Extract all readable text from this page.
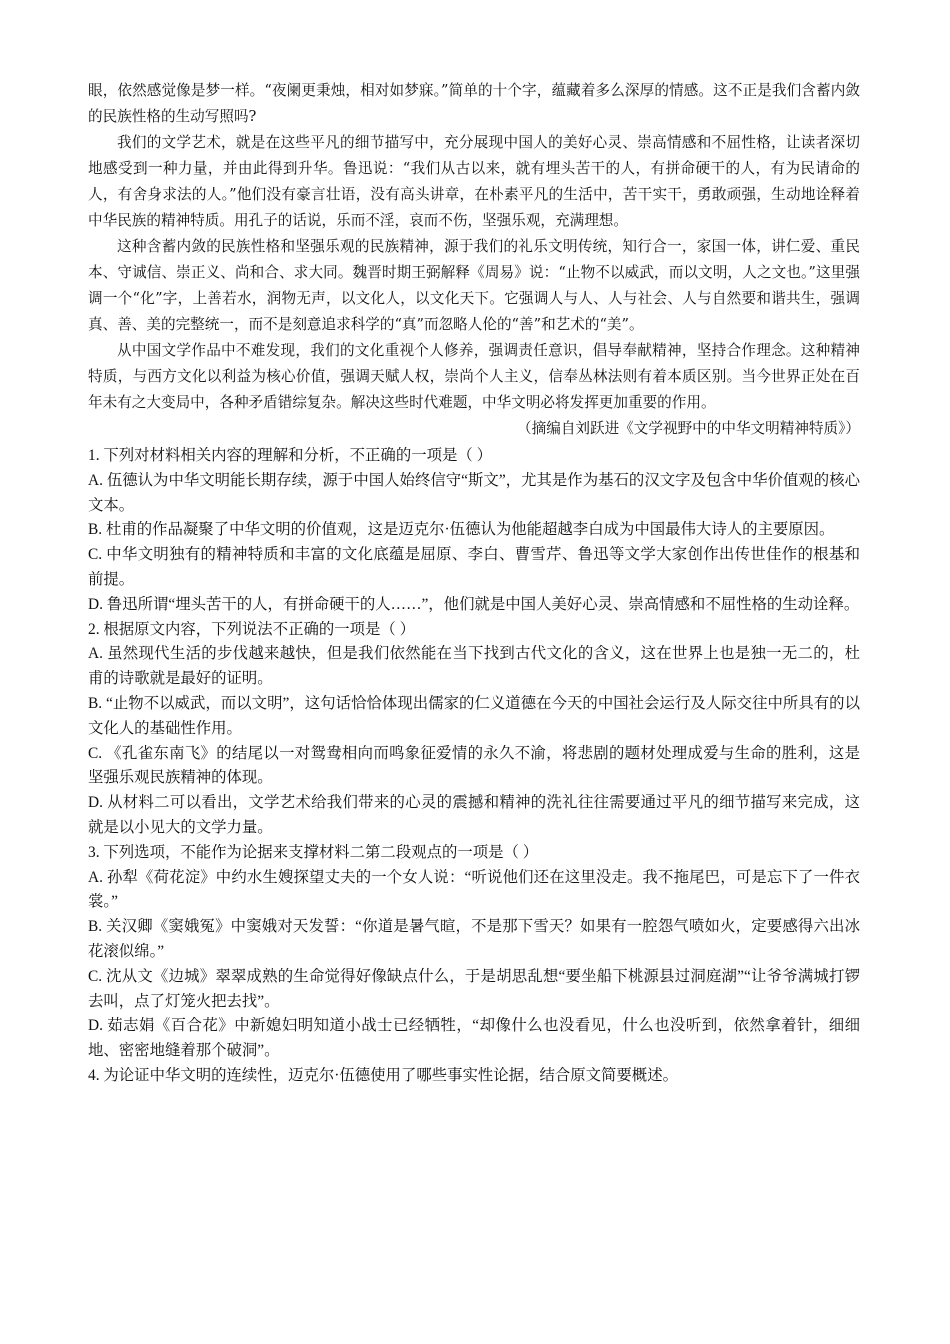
眼，依然感觉像是梦一样。“夜阑更秉烛，相对如梦寐。”简单的十个字，蕴藏着多么深厚的情感。这不正是我们含蓄内敛的民族性格的生动写照吗?

我们的文学艺术，就是在这些平凡的细节描写中，充分展现中国人的美好心灵、崇高情感和不屈性格，让读者深切地感受到一种力量，并由此得到升华。鲁迅说：“我们从古以来，就有埋头苦干的人，有拼命硬干的人，有为民请命的人，有舍身求法的人。”他们没有豪言壮语，没有高头讲章，在朴素平凡的生活中，苦干实干，勇敢顽强，生动地诠释着中华民族的精神特质。用孔子的话说，乐而不淫，哀而不伤，坚强乐观，充满理想。

这种含蓄内敛的民族性格和坚强乐观的民族精神，源于我们的礼乐文明传统，知行合一，家国一体，讲仁爱、重民本、守诚信、崇正义、尚和合、求大同。魏晋时期王弼解释《周易》说：“止物不以威武，而以文明，人之文也。”这里强调一个“化”字，上善若水，润物无声，以文化人，以文化天下。它强调人与人、人与社会、人与自然要和谐共生，强调真、善、美的完整统一，而不是刻意追求科学的“真”而忽略人伦的“善”和艺术的“美”。

从中国文学作品中不难发现，我们的文化重视个人修养，强调责任意识，倡导奉献精神，坚持合作理念。这种精神特质，与西方文化以利益为核心价值，强调天赋人权，崇尚个人主义，信奉丛林法则有着本质区别。当今世界正处在百年未有之大变局中，各种矛盾错综复杂。解决这些时代难题，中华文明必将发挥更加重要的作用。

（摘编自刘跃进《文学视野中的中华文明精神特质》）

1. 下列对材料相关内容的理解和分析，不正确的一项是（ ）

A. 伍德认为中华文明能长期存续，源于中国人始终信守“斯文”，尤其是作为基石的汉文字及包含中华价值观的核心文本。

B. 杜甫的作品凝聚了中华文明的价值观，这是迈克尔·伍德认为他能超越李白成为中国最伟大诗人的主要原因。

C. 中华文明独有的精神特质和丰富的文化底蕴是屈原、李白、曹雪芹、鲁迅等文学大家创作出传世佳作的根基和前提。

D. 鲁迅所谓“埋头苦干的人，有拼命硬干的人……”，他们就是中国人美好心灵、崇高情感和不屈性格的生动诠释。

2. 根据原文内容，下列说法不正确的一项是（ ）

A. 虽然现代生活的步伐越来越快，但是我们依然能在当下找到古代文化的含义，这在世界上也是独一无二的，杜甫的诗歌就是最好的证明。

B. “止物不以威武，而以文明”，这句话恰恰体现出儒家的仁义道德在今天的中国社会运行及人际交往中所具有的以文化人的基础性作用。

C. 《孔雀东南飞》的结尾以一对鸳鸯相向而鸣象征爱情的永久不渝，将悲剧的题材处理成爱与生命的胜利，这是坚强乐观民族精神的体现。

D. 从材料二可以看出，文学艺术给我们带来的心灵的震撼和精神的洗礼往往需要通过平凡的细节描写来完成，这就是以小见大的文学力量。

3. 下列选项，不能作为论据来支撑材料二第二段观点的一项是（ ）

A. 孙犁《荷花淀》中约水生嫂探望丈夫的一个女人说：“听说他们还在这里没走。我不拖尾巴，可是忘下了一件衣裳。”

B. 关汉卿《窦娥冤》中窦娥对天发誓：“你道是暑气暄，不是那下雪天？如果有一腔怨气喷如火，定要感得六出冰花滚似绵。”

C. 沈从文《边城》翠翠成熟的生命觉得好像缺点什么，于是胡思乱想“要坐船下桃源县过洞庭湖”“让爷爷满城打锣去叫，点了灯笼火把去找”。

D. 茹志娟《百合花》中新媳妇明知道小战士已经牺牲，“却像什么也没看见，什么也没听到，依然拿着针，细细地、密密地缝着那个破洞”。

4. 为论证中华文明的连续性，迈克尔·伍德使用了哪些事实性论据，结合原文简要概述。
